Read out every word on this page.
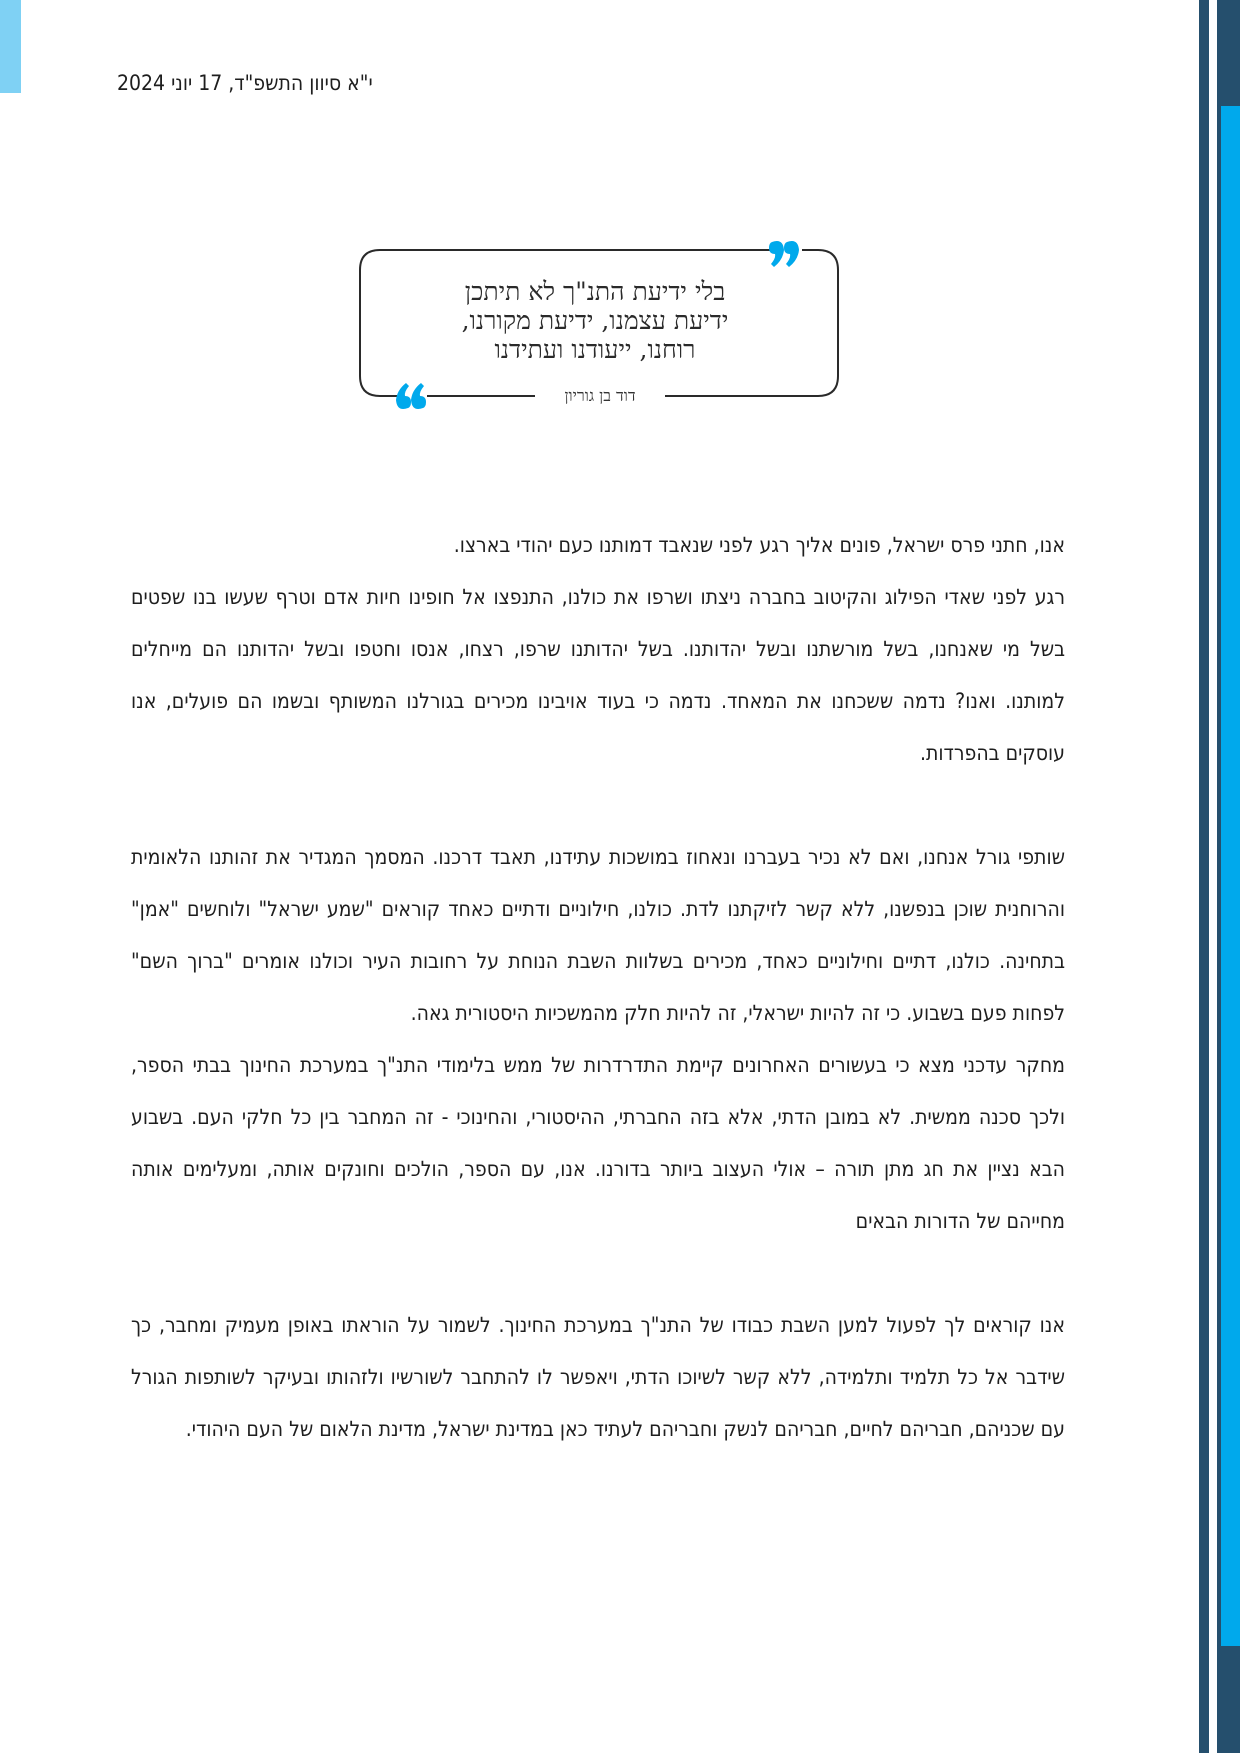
י"א סיוון התשפ"ד, 17 יוני 2024
בלי ידיעת התנ"ך לא תיתכן
ידיעת עצמנו, ידיעת מקורנו,
רוחנו, ייעודנו ועתידנו
דוד בן גוריון

אנו, חתני פרס ישראל, פונים אליך רגע לפני שנאבד דמותנו כעם יהודי בארצו.

רגע לפני שאדי הפילוג והקיטוב בחברה ניצתו ושרפו את כולנו, התנפצו אל חופינו חיות אדם וטרף שעשו בנו שפטים בשל מי שאנחנו, בשל מורשתנו ובשל יהדותנו. בשל יהדותנו שרפו, רצחו, אנסו וחטפו ובשל יהדותנו הם מייחלים למותנו. ואנו? נדמה ששכחנו את המאחד. נדמה כי בעוד אויבינו מכירים בגורלנו המשותף ובשמו הם פועלים, אנו עוסקים בהפרדות.

שותפי גורל אנחנו, ואם לא נכיר בעברנו ונאחוז במושכות עתידנו, תאבד דרכנו. המסמך המגדיר את זהותנו הלאומית והרוחנית שוכן בנפשנו, ללא קשר לזיקתנו לדת. כולנו, חילוניים ודתיים כאחד קוראים "שמע ישראל" ולוחשים "אמן" בתחינה. כולנו, דתיים וחילוניים כאחד, מכירים בשלוות השבת הנוחת על רחובות העיר וכולנו אומרים "ברוך השם" לפחות פעם בשבוע. כי זה להיות ישראלי, זה להיות חלק מהמשכיות היסטורית גאה.

מחקר עדכני מצא כי בעשורים האחרונים קיימת התדרדרות של ממש בלימודי התנ"ך במערכת החינוך בבתי הספר, ולכך סכנה ממשית. לא במובן הדתי, אלא בזה החברתי, ההיסטורי, והחינוכי - זה המחבר בין כל חלקי העם. בשבוע הבא נציין את חג מתן תורה – אולי העצוב ביותר בדורנו. אנו, עם הספר, הולכים וחונקים אותה, ומעלימים אותה מחייהם של הדורות הבאים

אנו קוראים לך לפעול למען השבת כבודו של התנ"ך במערכת החינוך. לשמור על הוראתו באופן מעמיק ומחבר, כך שידבר אל כל תלמיד ותלמידה, ללא קשר לשיוכו הדתי, ויאפשר לו להתחבר לשורשיו ולזהותו ובעיקר לשותפות הגורל עם שכניהם, חבריהם לחיים, חבריהם לנשק וחבריהם לעתיד כאן במדינת ישראל, מדינת הלאום של העם היהודי.
